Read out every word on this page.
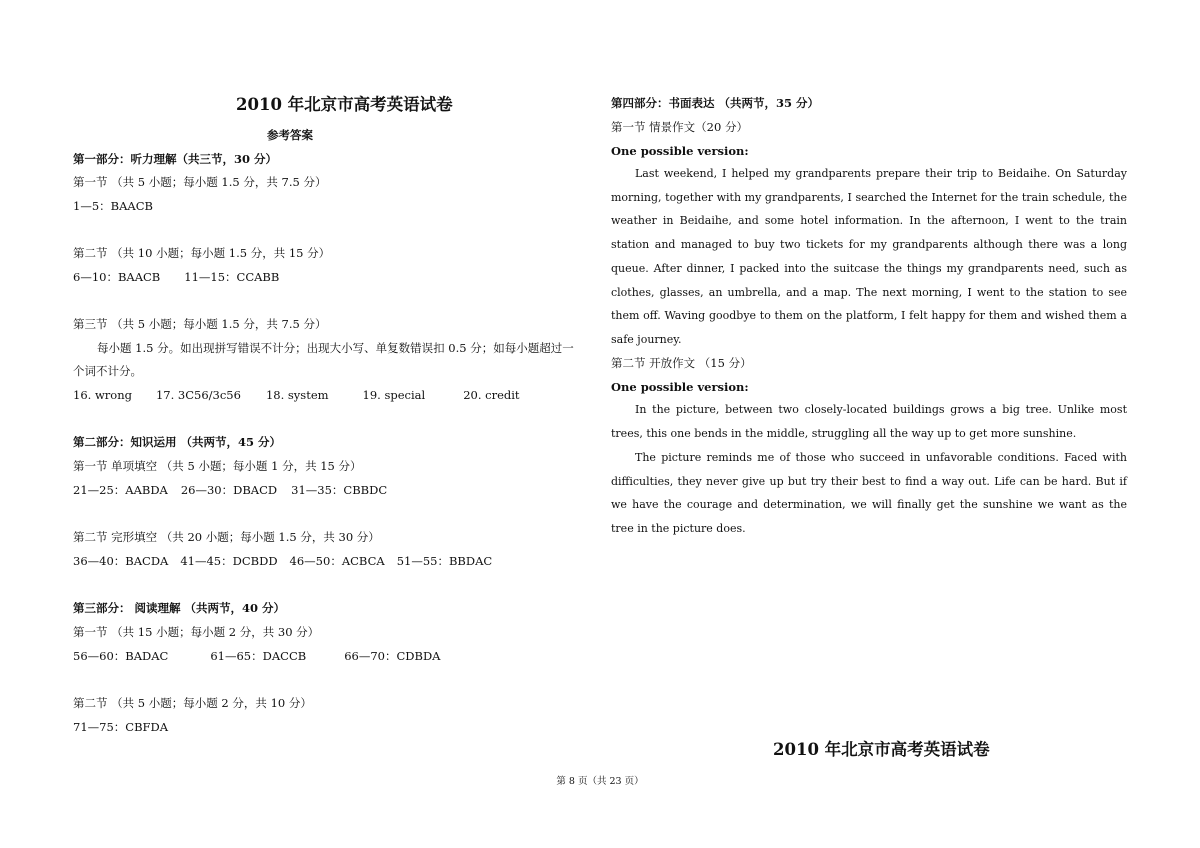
2010 年北京市高考英语试卷
参考答案
第一部分：听力理解（共三节，30 分）
第一节 （共 5 小题；每小题 1.5 分，共 7.5 分）
1—5：BAACB
第二节 （共 10 小题；每小题 1.5 分，共 15 分）
6—10：BAACB 11—15：CCABB
第三节 （共 5 小题；每小题 1.5 分，共 7.5 分）
每小题 1.5 分。如出现拼写错误不计分；出现大小写、单复数错误扣 0.5 分；如每小题超过一
个词不计分。
16. wrong 17. 3C56/3c56 18. system	19. special	20. credit
第二部分：知识运用 （共两节，45 分）
第一节 单项填空 （共 5 小题；每小题 1 分，共 15 分）
21—25：AABDA 26—30：DBACD 31—35：CBBDC
第二节 完形填空 （共 20 小题；每小题 1.5 分，共 30 分）
36—40：BACDA 41—45：DCBDD 46—50：ACBCA 51—55：BBDAC
第三部分： 阅读理解 （共两节，40 分）
第一节 （共 15 小题；每小题 2 分，共 30 分）
56—60：BADAC	61—65：DACCB	66—70：CDBDA
第二节 （共 5 小题；每小题 2 分，共 10 分）
71—75：CBFDA
第四部分：书面表达 （共两节，35 分）
第一节 情景作文（20 分）
One possible version:
Last weekend, I helped my grandparents prepare their trip to Beidaihe. On Saturday morning, together with my grandparents, I searched the Internet for the train schedule, the weather in Beidaihe, and some hotel information. In the afternoon, I went to the train station and managed to buy two tickets for my grandparents although there was a long queue. After dinner, I packed into the suitcase the things my grandparents need, such as clothes, glasses, an umbrella, and a map. The next morning, I went to the station to see them off. Waving goodbye to them on the platform, I felt happy for them and wished them a safe journey.
第二节 开放作文 （15 分）
One possible version:
In the picture, between two closely-located buildings grows a big tree. Unlike most trees, this one bends in the middle, struggling all the way up to get more sunshine.
The picture reminds me of those who succeed in unfavorable conditions. Faced with difficulties, they never give up but try their best to find a way out. Life can be hard. But if we have the courage and determination, we will finally get the sunshine we want as the tree in the picture does.
2010 年北京市高考英语试卷
第 8 页（共 23 页）
